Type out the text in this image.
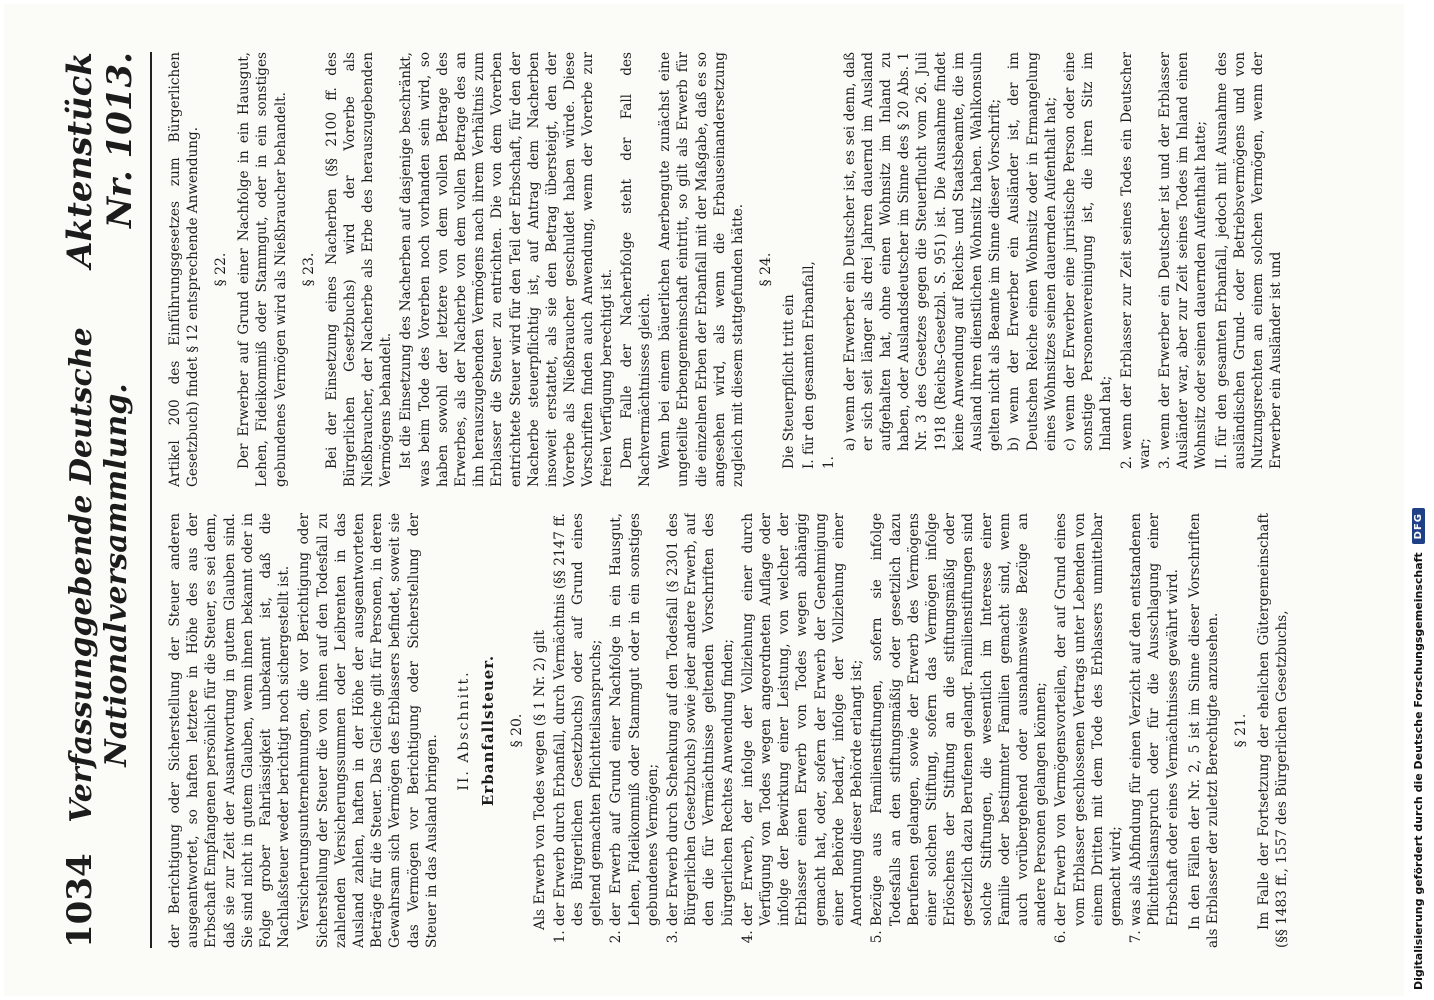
1034
Verfassunggebende Deutsche Nationalversammlung.
Aktenstück Nr. 1013.

der Berichtigung oder Sicherstellung der Steuer anderen ausgeantwortet, so haften letztere in Höhe des aus der Erbschaft Empfangenen persönlich für die Steuer, es sei denn, daß sie zur Zeit der Ausantwortung in gutem Glauben sind. Sie sind nicht in gutem Glauben, wenn ihnen bekannt oder in Folge grober Fahrlässigkeit unbekannt ist, daß die Nachlaßsteuer weder berichtigt noch sichergestellt ist. Versicherungsunternehmungen, die vor Berichtigung oder Sicherstellung der Steuer die von ihnen auf den Todesfall zu zahlenden Versicherungssummen oder Leibrenten in das Ausland zahlen, haften in der Höhe der ausgeantworteten Beträge für die Steuer. Das Gleiche gilt für Personen, in deren Gewahrsam sich Vermögen des Erblassers befindet, soweit sie das Vermögen vor Berichtigung oder Sicherstellung der Steuer in das Ausland bringen.

II. Abschnitt. Erbanfallsteuer. § 20. Als Erwerb von Todes wegen (§ 1 Nr. 2) gilt 1. der Erwerb durch Erbanfall, durch Vermächtnis (§§ 2147 ff. des Bürgerlichen Gesetzbuchs) oder auf Grund eines geltend gemachten Pflichtteilsanspruchs; 2. der Erwerb auf Grund einer Nachfolge in ein Hausgut, Lehen, Fideikommiß oder Stammgut oder in ein sonstiges gebundenes Vermögen; 3. der Erwerb durch Schenkung auf den Todesfall (§ 2301 des Bürgerlichen Gesetzbuchs) sowie jeder andere Erwerb, auf den die für Vermächtnisse geltenden Vorschriften des bürgerlichen Rechtes Anwendung finden; 4. der Erwerb, der infolge der Vollziehung einer durch Verfügung von Todes wegen angeordneten Auflage oder infolge der Bewirkung einer Leistung, von welcher der Erblasser einen Erwerb von Todes wegen abhängig gemacht hat, oder, sofern der Erwerb der Genehmigung einer Behörde bedarf, infolge der Vollziehung einer Anordnung dieser Behörde erlangt ist; 5. Bezüge aus Familienstiftungen, sofern sie infolge Todesfalls an den stiftungsmäßig oder gesetzlich dazu Berufenen gelangen, sowie der Erwerb des Vermögens einer solchen Stiftung, sofern das Vermögen infolge Erlöschens der Stiftung an die stiftungsmäßig oder gesetzlich dazu Berufenen gelangt. Familienstiftungen sind solche Stiftungen, die wesentlich im Interesse einer Familie oder bestimmter Familien gemacht sind, wenn auch vorübergehend oder ausnahmsweise Bezüge an andere Personen gelangen können; 6. der Erwerb von Vermögensvorteilen, der auf Grund eines vom Erblasser geschlossenen Vertrags unter Lebenden von einem Dritten mit dem Tode des Erblassers unmittelbar gemacht wird; 7. was als Abfindung für einen Verzicht auf den entstandenen Pflichtteilsanspruch oder für die Ausschlagung einer Erbschaft oder eines Vermächtnisses gewährt wird. In den Fällen der Nr. 2, 5 ist im Sinne dieser Vorschriften als Erblasser der zuletzt Berechtigte anzusehen. § 21. Im Falle der Fortsetzung der ehelichen Gütergemeinschaft (§§ 1483 ff., 1557 des Bürgerlichen Gesetzbuchs,

Artikel 200 des Einführungsgesetzes zum Bürgerlichen Gesetzbuch) findet § 12 entsprechende Anwendung. § 22. Der Erwerber auf Grund einer Nachfolge in ein Hausgut, Lehen, Fideikommiß oder Stammgut, oder in ein sonstiges gebundenes Vermögen wird als Nießbraucher behandelt. § 23. Bei der Einsetzung eines Nacherben (§§ 2100 ff. des Bürgerlichen Gesetzbuchs) wird der Vorerbe als Nießbraucher, der Nacherbe als Erbe des herauszugebenden Vermögens behandelt. Ist die Einsetzung des Nacherben auf dasjenige beschränkt, was beim Tode des Vorerben noch vorhanden sein wird, so haben sowohl der letztere von dem vollen Betrage des Erwerbes, als der Nacherbe von dem vollen Betrage des an ihn herauszugebenden Vermögens nach ihrem Verhältnis zum Erblasser die Steuer zu entrichten. Die von dem Vorerben entrichtete Steuer wird für den Teil der Erbschaft, für den der Nacherbe steuerpflichtig ist, auf Antrag dem Nacherben insoweit erstattet, als sie den Betrag übersteigt, den der Vorerbe als Nießbraucher geschuldet haben würde. Diese Vorschriften finden auch Anwendung, wenn der Vorerbe zur freien Verfügung berechtigt ist. Dem Falle der Nacherbfolge steht der Fall des Nachvermächtnisses gleich. Wenn bei einem bäuerlichen Anerbengute zunächst eine ungeteilte Erbengemeinschaft eintritt, so gilt als Erwerb für die einzelnen Erben der Erbanfall mit der Maßgabe, daß es so angesehen wird, als wenn die Erbauseinandersetzung zugleich mit diesem stattgefunden hätte. § 24.

Die Steuerpflicht tritt ein I. für den gesamten Erbanfall, 1.
a) wenn der Erwerber ein Deutscher ist, es sei denn, daß er sich seit länger als drei Jahren dauernd im Ausland aufgehalten hat, ohne einen Wohnsitz im Inland zu haben, oder Auslandsdeutscher im Sinne des § 20 Abs. 1 Nr. 3 des Gesetzes gegen die Steuerflucht vom 26. Juli 1918 (Reichs-Gesetzbl. S. 951) ist. Die Ausnahme findet keine Anwendung auf Reichs- und Staatsbeamte, die im Ausland ihren dienstlichen Wohnsitz haben. Wahlkonsuln gelten nicht als Beamte im Sinne dieser Vorschrift; b) wenn der Erwerber ein Ausländer ist, der im Deutschen Reiche einen Wohnsitz oder in Ermangelung eines Wohnsitzes seinen dauernden Aufenthalt hat; c) wenn der Erwerber eine juristische Person oder eine sonstige Personenvereinigung ist, die ihren Sitz im Inland hat; 2. wenn der Erblasser zur Zeit seines Todes ein Deutscher war; 3. wenn der Erwerber ein Deutscher ist und der Erblasser Ausländer war, aber zur Zeit seines Todes im Inland einen Wohnsitz oder seinen dauernden Aufenthalt hatte; II. für den gesamten Erbanfall, jedoch mit Ausnahme des ausländischen Grund- oder Betriebsvermögens und von Nutzungsrechten an einem solchen Vermögen, wenn der Erwerber ein Ausländer ist und
Digitalisierung gefördert durch die Deutsche Forschungsgemeinschaft
DFG
